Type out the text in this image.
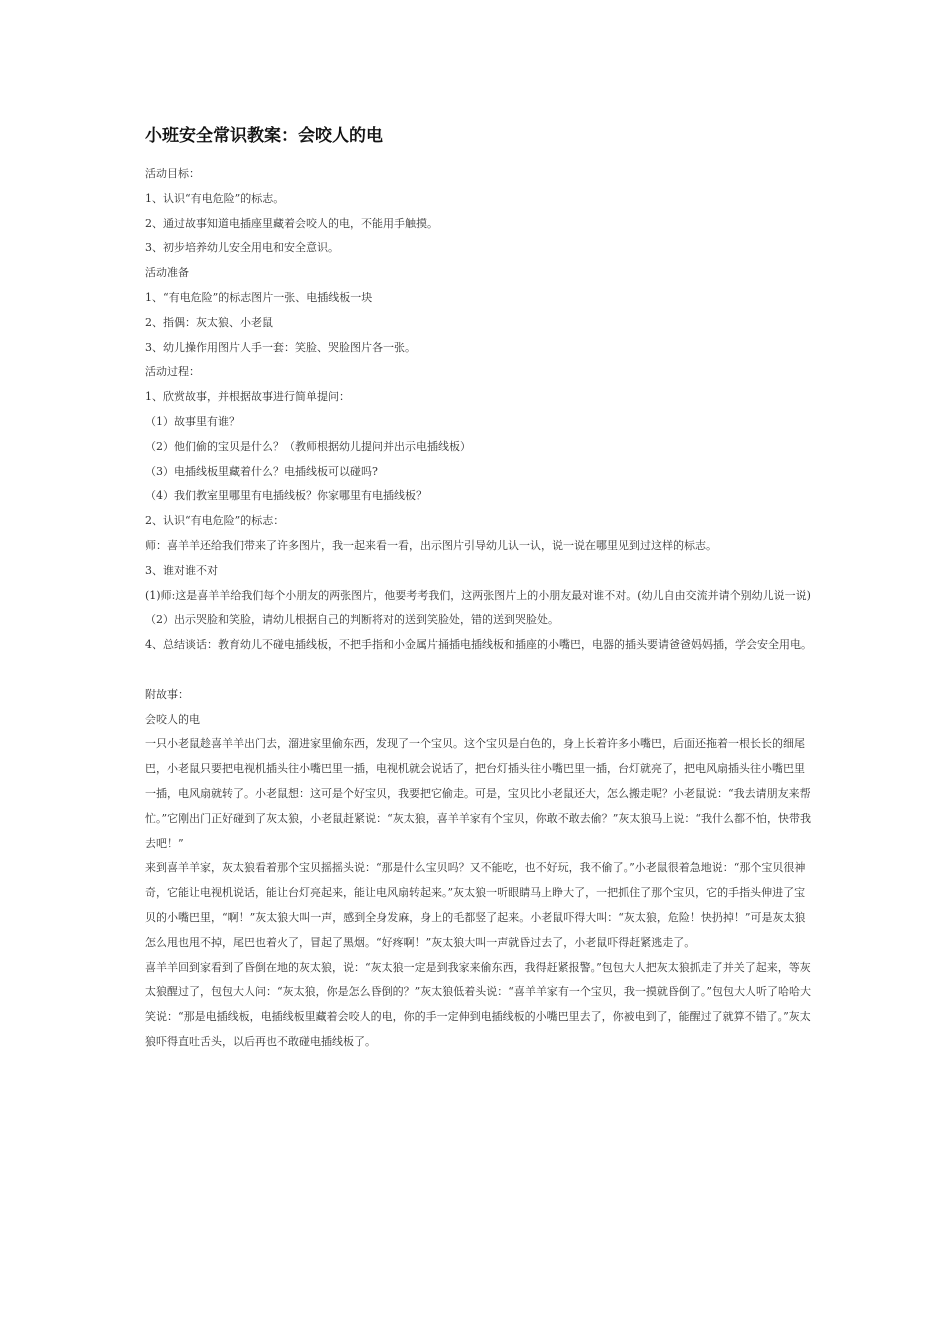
小班安全常识教案：会咬人的电

活动目标：

1、认识“有电危险”的标志。

2、通过故事知道电插座里藏着会咬人的电，不能用手触摸。

3、初步培养幼儿安全用电和安全意识。

活动准备

1、“有电危险”的标志图片一张、电插线板一块

2、指偶：灰太狼、小老鼠

3、幼儿操作用图片人手一套：笑脸、哭脸图片各一张。

活动过程：

1、欣赏故事，并根据故事进行简单提问：

（1）故事里有谁？

（2）他们偷的宝贝是什么？（教师根据幼儿提问并出示电插线板）

（3）电插线板里藏着什么？电插线板可以碰吗?

（4）我们教室里哪里有电插线板？你家哪里有电插线板？

2、认识“有电危险”的标志：

师：喜羊羊还给我们带来了许多图片，我一起来看一看，出示图片引导幼儿认一认，说一说在哪里见到过这样的标志。

3、谁对谁不对

(1)师:这是喜羊羊给我们每个小朋友的两张图片，他要考考我们，这两张图片上的小朋友最对谁不对。(幼儿自由交流并请个别幼儿说一说)

（2）出示哭脸和笑脸，请幼儿根据自己的判断将对的送到笑脸处，错的送到哭脸处。

4、总结谈话：教育幼儿不碰电插线板，不把手指和小金属片捅插电插线板和插座的小嘴巴，电器的插头要请爸爸妈妈插，学会安全用电。

附故事：

会咬人的电

一只小老鼠趁喜羊羊出门去，溜进家里偷东西，发现了一个宝贝。这个宝贝是白色的，身上长着许多小嘴巴，后面还拖着一根长长的细尾巴，小老鼠只要把电视机插头往小嘴巴里一插，电视机就会说话了，把台灯插头往小嘴巴里一插，台灯就亮了，把电风扇插头往小嘴巴里一插，电风扇就转了。小老鼠想：这可是个好宝贝，我要把它偷走。可是，宝贝比小老鼠还大，怎么搬走呢？小老鼠说：“我去请朋友来帮忙。”它刚出门正好碰到了灰太狼，小老鼠赶紧说：“灰太狼，喜羊羊家有个宝贝，你敢不敢去偷？”灰太狼马上说：“我什么都不怕，快带我去吧！”

来到喜羊羊家，灰太狼看着那个宝贝摇摇头说：“那是什么宝贝吗？又不能吃，也不好玩，我不偷了。”小老鼠很着急地说：“那个宝贝很神奇，它能让电视机说话，能让台灯亮起来，能让电风扇转起来。”灰太狼一听眼睛马上睁大了，一把抓住了那个宝贝，它的手指头伸进了宝贝的小嘴巴里，“啊！”灰太狼大叫一声，感到全身发麻，身上的毛都竖了起来。小老鼠吓得大叫：“灰太狼，危险！快扔掉！”可是灰太狼怎么甩也甩不掉，尾巴也着火了，冒起了黑烟。“好疼啊！”灰太狼大叫一声就昏过去了，小老鼠吓得赶紧逃走了。

喜羊羊回到家看到了昏倒在地的灰太狼，说：“灰太狼一定是到我家来偷东西，我得赶紧报警。”包包大人把灰太狼抓走了并关了起来，等灰太狼醒过了，包包大人问：“灰太狼，你是怎么昏倒的？”灰太狼低着头说：“喜羊羊家有一个宝贝，我一摸就昏倒了。”包包大人听了哈哈大笑说：“那是电插线板，电插线板里藏着会咬人的电，你的手一定伸到电插线板的小嘴巴里去了，你被电到了，能醒过了就算不错了。”灰太狼吓得直吐舌头，以后再也不敢碰电插线板了。
